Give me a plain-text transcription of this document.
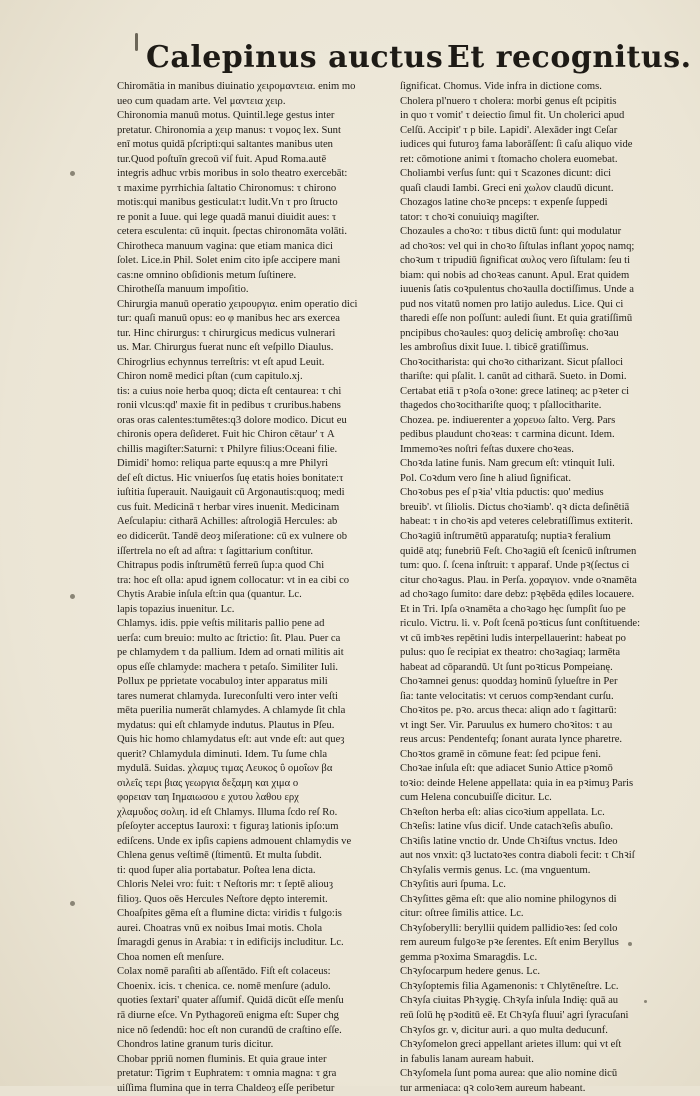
Calepinus auctus Et recognitus.
Chiromātia in manibus diuinatio χειρομαντεια. enim mo
ueo cum quadam arte. Vel μαντεια χειρ.
Chironomia manuū motus. Quintil.lege gestus inter
pretatur. Chironomia a χειρ manus: τ νομος lex. Sunt
enī motus quidā pſcripti:qui saltantes manibus uten
tur.Quod poſtuīn grecoū viſ fuit. Apud Roma.autē
integris adhuc vrbis moribus in solo theatro exercebāt:
τ maxime pyrrhichia ſaltatio Chironomus: τ chirono
motis:qui manibus gesticulat:τ ludit.Vn τ pro ſtructo
re ponit a Iuue. qui lege quadā manui diuidit aues: τ
cetera esculenta: cū inquit. ſpectas chironomāta volāti.
Chirotheca manuum vagina: que etiam manica dici
ſolet. Lice.in Phil. Solet enim cito ipſe accipere mani
cas:ne omnino obſidionis metum ſuſtinere.
Chirotheſſa manuum impoſitio.
Chirurgia manuū operatio χειρουργια. enim operatio dici
tur: quaſi manuū opus: eo φ manibus hec ars exercea
tur. Hinc chirurgus: τ chirurgicus medicus vulnerari
us. Mar. Chirurgus fuerat nunc eſt veſpillo Diaulus.
Chirogrlius echynnus terreſtris: vt eſt apud Leuit.
Chiron nomē medici pſtan (cum capitulo.xj.
tis: a cuius noie herba quoq; dicta eſt centaurea: τ chi
ronii vlcus:qd' maxie fit in pedibus τ cruribus.habens
oras oras calentes:tumētes:q3 dolore modico. Dicut eu
chironis opera deſideret. Fuit hic Chiron cētaur' τ A
chillis magiſter:Saturni: τ Philyre filius:Oceani filie.
Dimidi' homo: reliqua parte equus:q a mre Philyri
deſ eſt dictus. Hic vniuerſos ſuę etatis hoies bonitate:τ
iuſtitia ſuperauit. Nauigauit cū Argonautis:quoq; medi
cus fuit. Medicinā τ herbar vires inuenit. Medicinam
Aeſculapiu: citharā Achilles: aſtrologiā Hercules: ab
eo didicerūt. Tandē deoȝ miſeratione: cū ex vulnere ob
iſſertrela no eſt ad aſtra: τ ſagittarium conſtitur.
Chitrapus podis inſtrumētū ferreū ſup:a quod Chi
tra: hoc eſt olla: apud ignem collocatur: vt in ea cibi co
Chytis Arabie inſula eſt:in qua (quantur. Lc.
lapis topazius inuenitur. Lc.
Chlamys. idis. ppie veſtis militaris pallio pene ad
uerſa: cum breuio: multo ac ſtrictio: ſit. Plau. Puer ca
pe chlamydem τ da pallium. Idem ad ornati militis ait
opus eſſe chlamyde: machera τ petaſo. Similiter Iuli.
Pollux pe pprietate vocabuloȝ inter apparatus mili
tares numerat chlamyda. Iureconſulti vero inter veſti
mēta puerilia numerāt chlamydes. A chlamyde ſit chla
mydatus: qui eſt chlamyde indutus. Plautus in Pſeu.
Quis hic homo chlamydatus eſt: aut vnde eſt: aut queȝ
querit? Chlamydula diminuti. Idem. Tu ſume chla
mydulā. Suidas. χλαμυς τιμας Λευκος ΰ ομοΐων βα
σιλεΐς τερι βιας γεωργια δεξαμη και χιμα ο
φορειαν ταη Ιημαιωσου ε χυτου λαθου ερχ
χλαμυδος σολιη. id eſt Chlamys. Illuma ſcdo reſ Ro.
pſeſoyter acceptus Iauroxi: τ figuraȝ lationis ipſo:um
ediſcens. Unde ex ipſis capiens admouent chlamydis ve
Chlena genus veſtimē (ſtimentū. Et multa ſubdit.
ti: quod ſuper alia portabatur. Poſtea lena dicta.
Chloris Nelei vro: fuit: τ Neſtoris mr: τ ſeptē aliouȝ
filioȝ. Quos oēs Hercules Neſtore dępto interemit.
Choaſpites gēma eſt a flumine dicta: viridis τ fulgo:is
aurei. Choatras vnū ex noibus Imai motis. Chola
ſmaragdi genus in Arabia: τ in edificijs includitur. Lc.
Choa nomen eſt menſure.
Colax nomē paraſiti ab aſſentādo. Fiſt eſt colaceus:
Choenix. icis. τ chenica. ce. nomē menſure (adulo.
quoties ſextari' quater aſſumif. Quidā dicūt eſſe menſu
rā diurne eſce. Vn Pythagoreū enigma eſt: Super chg
nice nō ſedendū: hoc eſt non curandū de craſtino eſſe.
Chondros latine granum turis dicitur.
Chobar ppriū nomen fluminis. Et quia graue inter
pretatur: Tigrim τ Euphratem: τ omnia magna: τ gra
uiſſima flumina que in terra Chaldeoȝ eſſe peribetur
ſignificat. Chomus. Vide infra in dictione coms.
Cholera pl'nuero τ cholera: morbi genus eſt pcipitis
in quo τ vomit' τ deiectio ſimul fit. Un cholerici apud
Celſū. Accipit' τ p bile. Lapidi'. Alexāder ingt Ceſar
iudices qui futuroȝ fama laborāſſent: ſi caſu aliquo vide
ret: cōmotione animi τ ſtomacho cholera euomebat.
Choliambi verſus ſunt: qui τ Scazones dicunt: dici
quaſi claudi Iambi. Greci eni χωλον claudū dicunt.
Chozagos latine choꝛe pnceps: τ expenſe ſuppedi
tator: τ choꝛi conuiuiqȝ magiſter.
Chozaules a choꝛo: τ tibus dictū ſunt: qui modulatur
ad choꝛos: vel qui in choꝛo ſiſtulas inflant χορος namq;
choꝛum τ tripudiū ſignificat αυλος vero ſiſtulam: ſeu ti
biam: qui nobis ad choꝛeas canunt. Apul. Erat quidem
iuuenis ſatis coꝛpulentus choꝛaulla doctiſſimus. Unde a
pud nos vitatū nomen pro latijo auledus. Lice. Qui ci
tharedi eſſe non poſſunt: auledi ſiunt. Et quia gratiſſimū
pncipibus choꝛaules: quoȝ delicię ambroſię: choꝛau
les ambroſius dixit Iuue. l. tibicē gratiſſimus.
Choꝛocitharista: qui choꝛo citharizant. Sicut pſalloci
thariſte: qui pſalit. l. canūt ad citharā. Sueto. in Domi.
Certabat etiā τ pꝛoſa oꝛone: grece latineq; ac pꝛeter ci
thagedos choꝛocithariſte quoq; τ pſallocitharite.
Chozea. pe. indiuerenter a χορευω ſalto. Verg. Pars
pedibus plaudunt choꝛeas: τ carmina dicunt. Idem.
Immemoꝛes noſtri feſtas duxere choꝛeas.
Choꝛda latine funis. Nam grecum eſt: vtinquit Iuli.
Pol. Coꝛdum vero ſine h aliud ſignificat.
Choꝛobus pes eſ pꝛia' vltia pductis: quo' medius
breuib'. vt ſiliolis. Dictus choꝛiamb'. qꝛ dicta deſinētiā
habeat: τ in choꝛis apd veteres celebratiſſimus extiterit.
Choꝛagiū inſtrumētū apparatuſq; nuptiaꝛ feralium
quidē atq; funebriū Feſt. Choꝛagiū eſt ſcenicū inſtrumen
tum: quo. ſ. ſcena inſtruit: τ apparaf. Unde pꝛ(ſectus ci
citur choꝛagus. Plau. in Perſa. χοραγιον. vnde oꝛnamēta
ad choꝛago ſumito: dare debz: pꝛębēda ędiles locauere.
Et in Tri. Ipſa oꝛnamēta a choꝛago hęc ſumpſit ſuo pe
riculo. Victru. li. v. Poſt ſcenā poꝛticus ſunt conſtituende:
vt cū imbꝛes repētini ludis interpellauerint: habeat po
pulus: quo ſe recipiat ex theatro: choꝛagiaq; larmēta
habeat ad cōparandū. Ut ſunt poꝛticus Pompeianę.
Choꝛamnei genus: quoddaȝ hominū ſylueſtre in Per
ſia: tante velocitatis: vt ceruos compꝛendant curſu.
Choꝛitos pe. pꝛo. arcus theca: aliqn ado τ ſagittarū:
vt ingt Ser. Vir. Paruulus ex humero choꝛitos: τ au
reus arcus: Pendentefq; ſonant aurata lynce pharetre.
Choꝛtos gramē in cōmune feat: ſed pcipue feni.
Choꝛae inſula eſt: que adiacet Sunio Attice pꝛomō
toꝛio: deinde Helene appellata: quia in ea pꝛimuȝ Paris
cum Helena concubuiſſe dicitur. Lc.
Chꝛeſton herba eſt: alias cicoꝛium appellata. Lc.
Chꝛeſis: latine vſus dicif. Unde catachꝛeſis abuſio.
Chꝛiſis latine vnctio dr. Unde Chꝛiſtus vnctus. Ideo
aut nos vnxit: q3 luctatoꝛes contra diaboli fecit: τ Chꝛiſ
Chꝛyſalis vermis genus. Lc. (ma vnguentum.
Chꝛyſitis auri ſpuma. Lc.
Chꝛyſittes gēma eſt: que alio nomine philogynos di
citur: oſtree ſimilis attice. Lc.
Chꝛyſoberylli: beryllii quidem pallidioꝛes: ſed colo
rem aureum fulgoꝛe pꝛe ſerentes. Eſt enim Beryllus
gemma pꝛoxima Smaragdis. Lc.
Chꝛyſocarpum hedere genus. Lc.
Chꝛyſoptemis filia Agamenonis: τ Chlytēneſtre. Lc.
Chꝛyſa ciuitas Phꝛygię. Chꝛyſa inſula Indię: quā au
reū ſolū hę pꝛoditū eē. Et Chꝛyſa fluui' agri ſyracuſani
Chꝛyſos gr. v, dicitur auri. a quo multa deducunf.
Chꝛyſomelon greci appellant arietes illum: qui vt eſt
in fabulis lanam auream habuit.
Chꝛyſomela ſunt poma aurea: que alio nomine dicū
tur armeniaca: qꝛ coloꝛem aureum habeant.
